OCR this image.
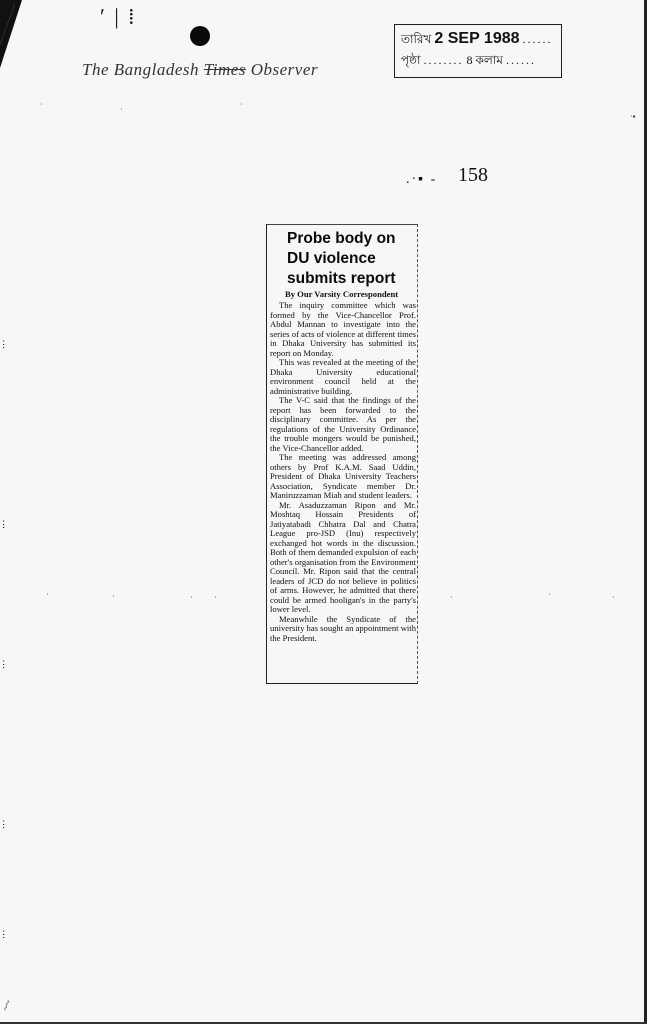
ʹ | ⁞
The Bangladesh Times Observer
তারিখ 2 SEP 1988 ......
পৃষ্ঠা ........ 8 কলাম ......
.·▪ - 158
Probe body on DU violence submits report
By Our Varsity Correspondent

The inquiry committee which was formed by the Vice-Chancellor Prof. Abdul Mannan to investigate into the series of acts of violence at different times in Dhaka University has submitted its report on Monday.

This was revealed at the meeting of the Dhaka University educational environment council held at the administrative building.

The V-C said that the findings of the report has been forwarded to the disciplinary committee. As per the regulations of the University Ordinance the trouble mongers would be punished, the Vice-Chancellor added.

The meeting was addressed among others by Prof K.A.M. Saad Uddin, President of Dhaka University Teachers Association, Syndicate member Dr. Maniruzzaman Miah and student leaders.

Mr. Asaduzzaman Ripon and Mr. Moshtaq Hossain Presidents of Jatiyatabadi Chhatra Dal and Chatra League pro-JSD (Inu) respectively exchanged hot words in the discussion. Both of them demanded expulsion of each other's organisation from the Environment Council. Mr. Ripon said that the central leaders of JCD do not believe in politics of arms. However, he admitted that there could be armed hooligan's in the party's lower level.

Meanwhile the Syndicate of the university has sought an appointment with the President.

·
·
·
·▪
·	·	·	·	·	·	·
ⵗ
ⵗ
ⵗ
ⵗ
ⵗ
~~
